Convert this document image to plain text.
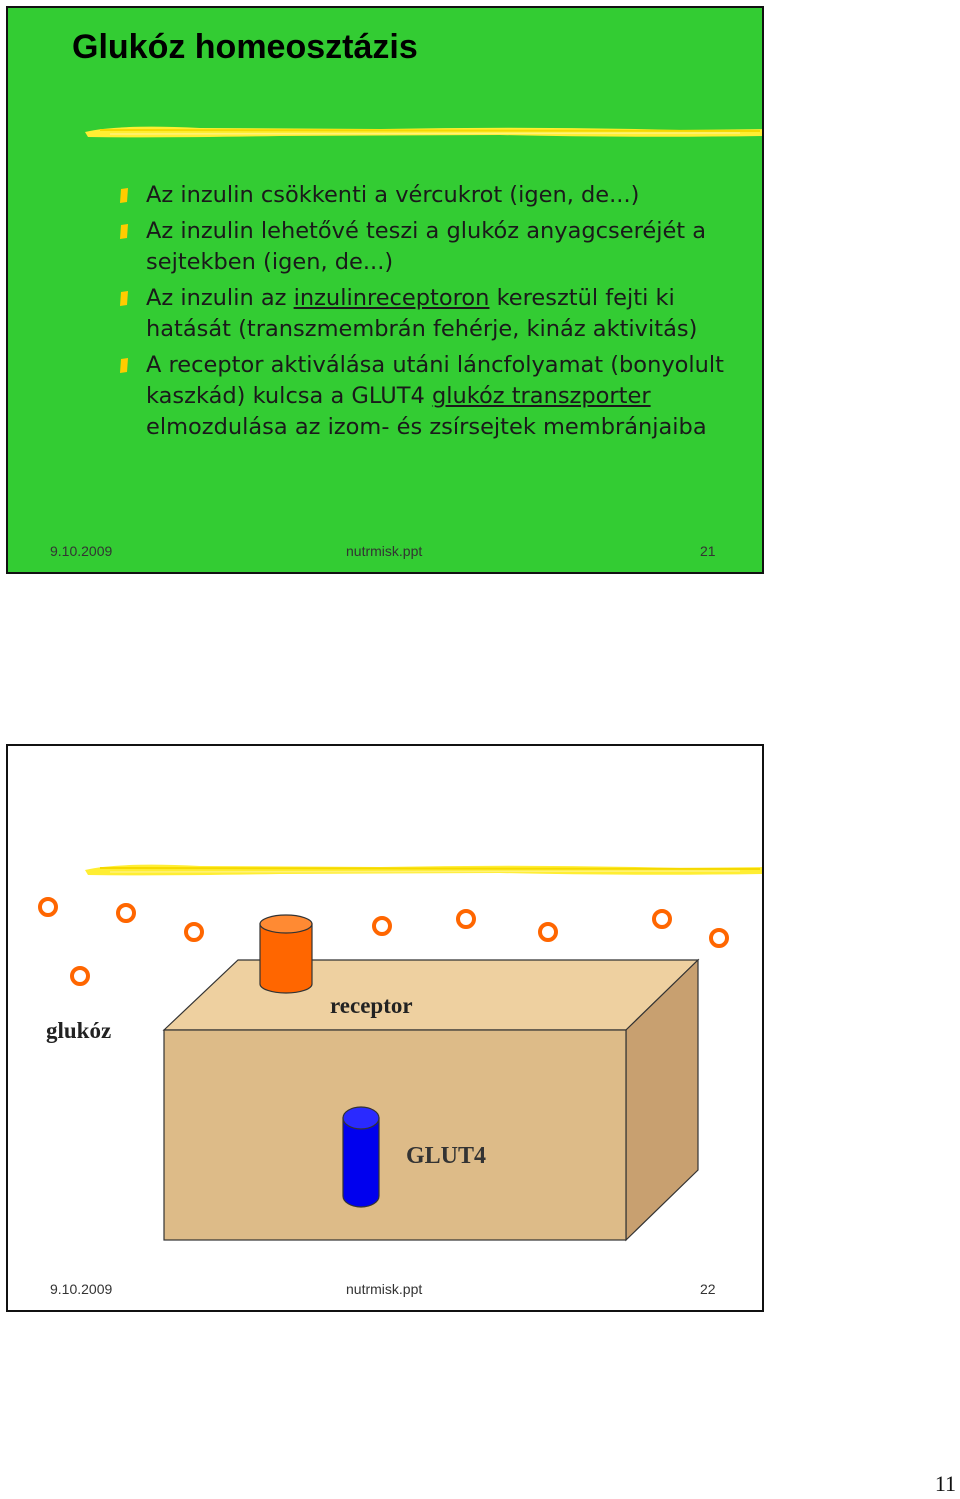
Glukóz homeosztázis
Az inzulin csökkenti a vércukrot (igen, de...)
Az inzulin lehetővé teszi a glukóz anyagcseréjét a sejtekben (igen, de...)
Az inzulin az inzulinreceptoron keresztül fejti ki hatását (transzmembrán fehérje, kináz aktivitás)
A receptor aktiválása utáni láncfolyamat (bonyolult kaszkád) kulcsa a GLUT4 glukóz transzporter elmozdulása az izom- és zsírsejtek membránjaiba
9.10.2009	nutrmisk.ppt	21
glukóz
receptor
GLUT4
9.10.2009	nutrmisk.ppt	22
11
